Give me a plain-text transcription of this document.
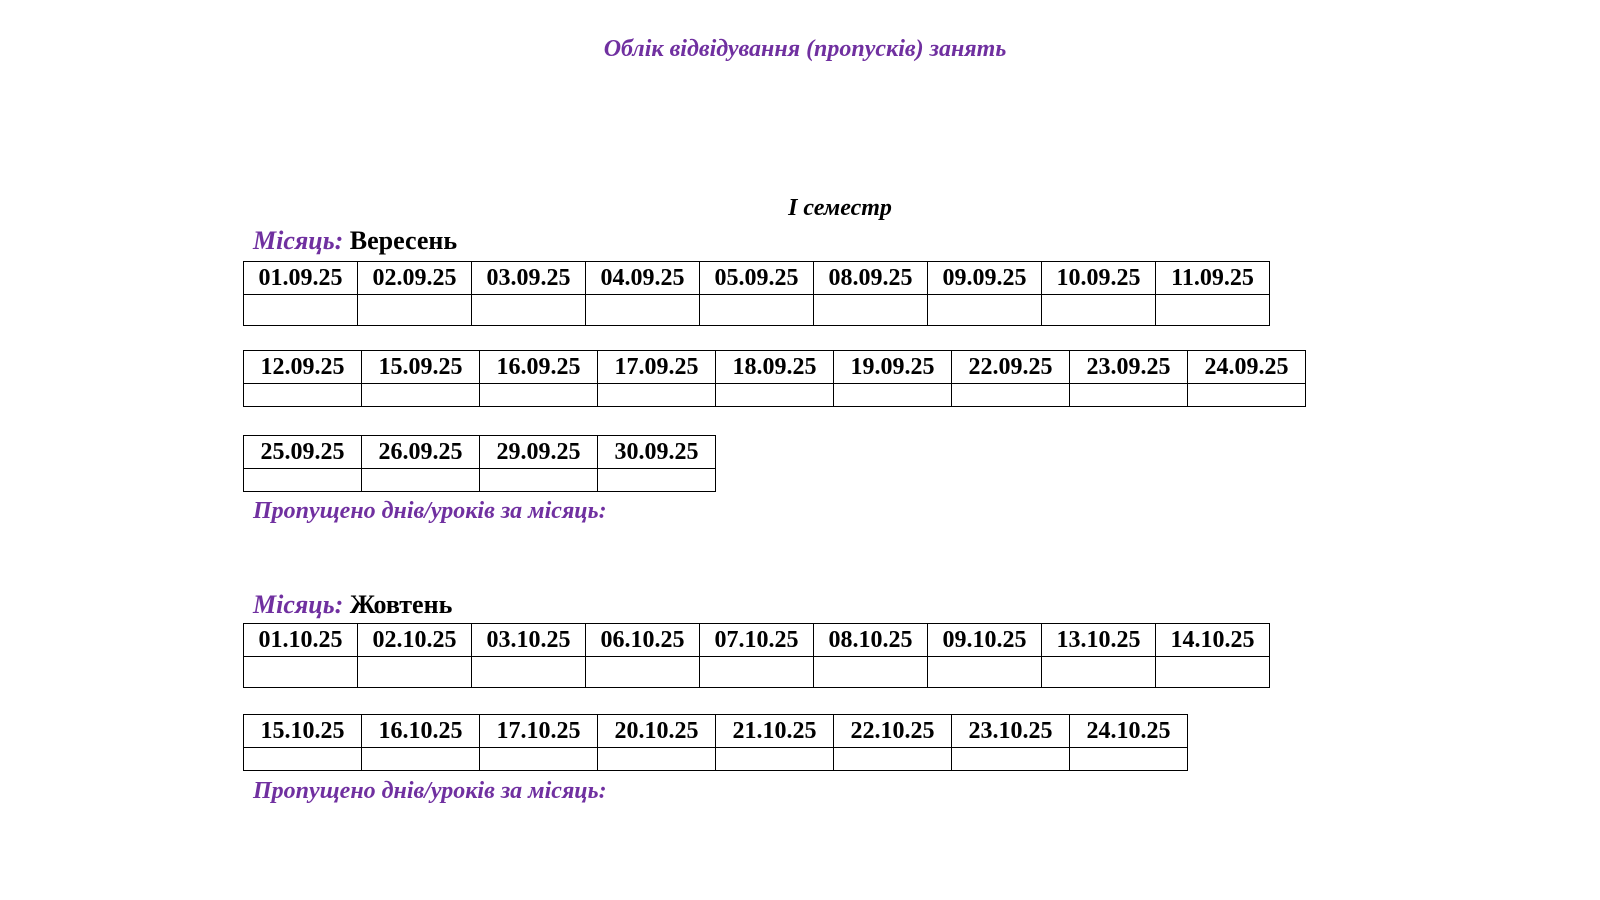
Облік відвідування (пропусків) занять
І семестр
Місяць: Вересень
01.09.25	02.09.25	03.09.25	04.09.25	05.09.25	08.09.25	09.09.25	10.09.25	11.09.25

12.09.25	15.09.25	16.09.25	17.09.25	18.09.25	19.09.25	22.09.25	23.09.25	24.09.25

25.09.25	26.09.25	29.09.25	30.09.25

Пропущено днів/уроків за місяць:
Місяць: Жовтень
01.10.25	02.10.25	03.10.25	06.10.25	07.10.25	08.10.25	09.10.25	13.10.25	14.10.25

15.10.25	16.10.25	17.10.25	20.10.25	21.10.25	22.10.25	23.10.25	24.10.25

Пропущено днів/уроків за місяць:
